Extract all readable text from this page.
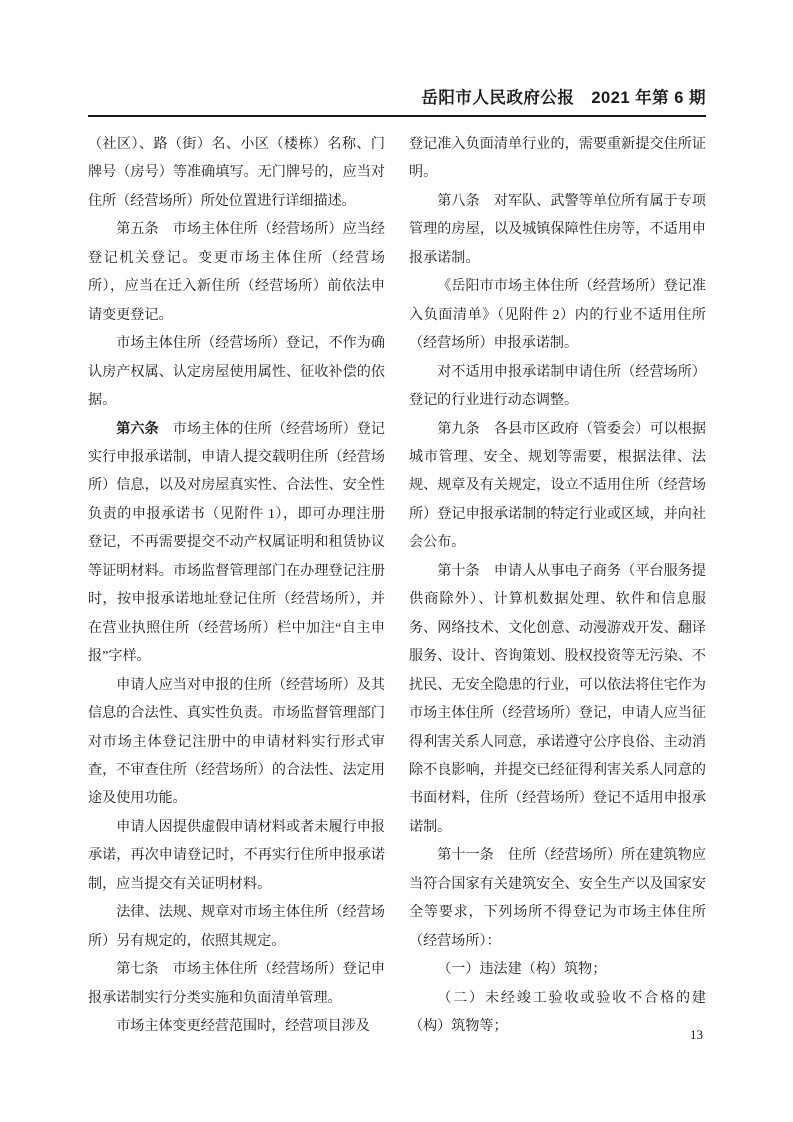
岳阳市人民政府公报　2021 年第 6 期

（社区）、路（街）名、小区（楼栋）名称、门牌号（房号）等准确填写。无门牌号的，应当对住所（经营场所）所处位置进行详细描述。

第五条　市场主体住所（经营场所）应当经登记机关登记。变更市场主体住所（经营场所），应当在迁入新住所（经营场所）前依法申请变更登记。

市场主体住所（经营场所）登记，不作为确认房产权属、认定房屋使用属性、征收补偿的依据。

第六条　市场主体的住所（经营场所）登记实行申报承诺制，申请人提交载明住所（经营场所）信息，以及对房屋真实性、合法性、安全性负责的申报承诺书（见附件 1），即可办理注册登记，不再需要提交不动产权属证明和租赁协议等证明材料。市场监督管理部门在办理登记注册时，按申报承诺地址登记住所（经营场所），并在营业执照住所（经营场所）栏中加注“自主申报”字样。

申请人应当对申报的住所（经营场所）及其信息的合法性、真实性负责。市场监督管理部门对市场主体登记注册中的申请材料实行形式审查，不审查住所（经营场所）的合法性、法定用途及使用功能。

申请人因提供虚假申请材料或者未履行申报承诺，再次申请登记时，不再实行住所申报承诺制，应当提交有关证明材料。

法律、法规、规章对市场主体住所（经营场所）另有规定的，依照其规定。

第七条　市场主体住所（经营场所）登记申报承诺制实行分类实施和负面清单管理。

市场主体变更经营范围时，经营项目涉及

登记准入负面清单行业的，需要重新提交住所证明。

第八条　对军队、武警等单位所有属于专项管理的房屋，以及城镇保障性住房等，不适用申报承诺制。

《岳阳市市场主体住所（经营场所）登记准入负面清单》（见附件 2）内的行业不适用住所（经营场所）申报承诺制。

对不适用申报承诺制申请住所（经营场所）登记的行业进行动态调整。

第九条　各县市区政府（管委会）可以根据城市管理、安全、规划等需要，根据法律、法规、规章及有关规定，设立不适用住所（经营场所）登记申报承诺制的特定行业或区域，并向社会公布。

第十条　申请人从事电子商务（平台服务提供商除外）、计算机数据处理、软件和信息服务、网络技术、文化创意、动漫游戏开发、翻译服务、设计、咨询策划、股权投资等无污染、不扰民、无安全隐患的行业，可以依法将住宅作为市场主体住所（经营场所）登记，申请人应当征得利害关系人同意，承诺遵守公序良俗、主动消除不良影响，并提交已经征得利害关系人同意的书面材料，住所（经营场所）登记不适用申报承诺制。

第十一条　住所（经营场所）所在建筑物应当符合国家有关建筑安全、安全生产以及国家安全等要求，下列场所不得登记为市场主体住所（经营场所）：

（一）违法建（构）筑物；

（二）未经竣工验收或验收不合格的建（构）筑物等；

13
